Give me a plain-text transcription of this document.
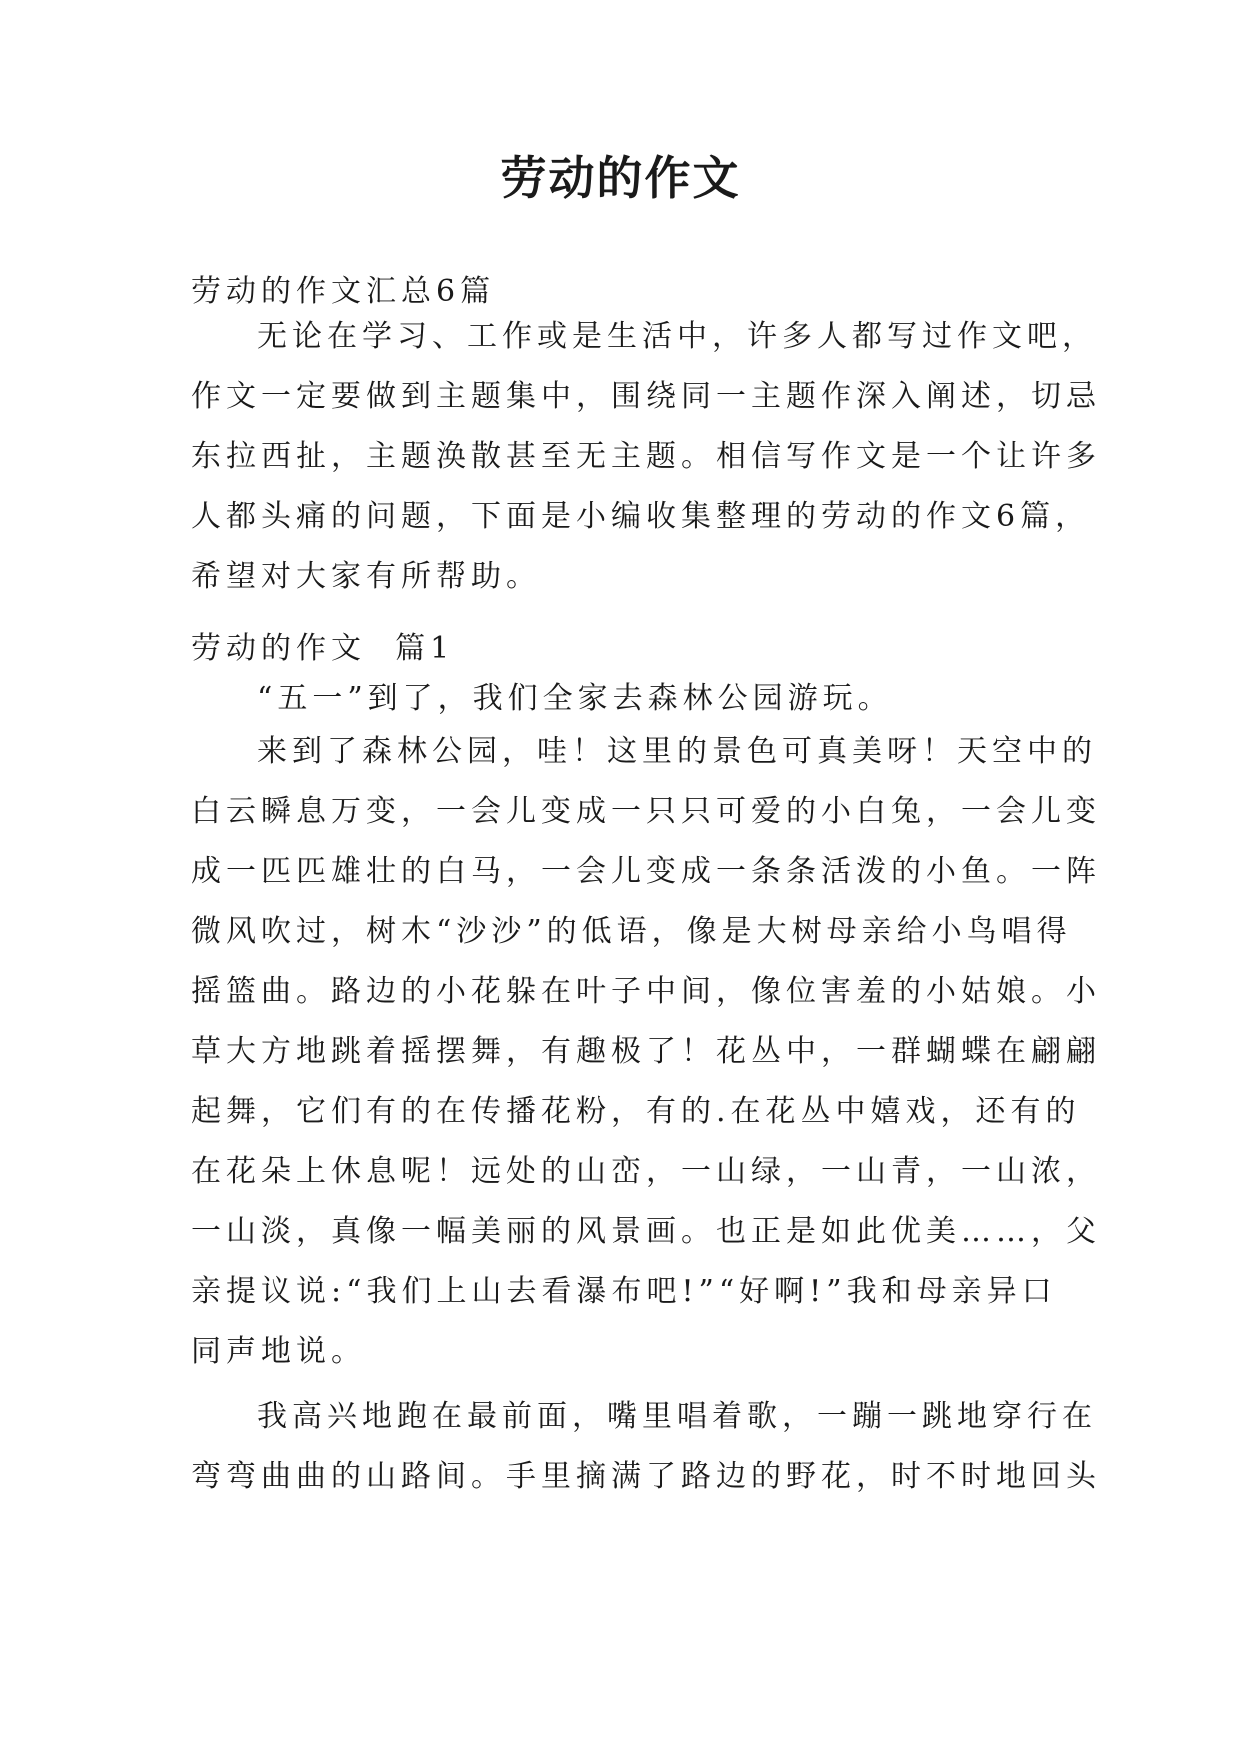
劳动的作文

劳动的作文汇总6篇

无论在学习、工作或是生活中，许多人都写过作文吧，
作文一定要做到主题集中，围绕同一主题作深入阐述，切忌
东拉西扯，主题涣散甚至无主题。相信写作文是一个让许多
人都头痛的问题，下面是小编收集整理的劳动的作文6篇，
希望对大家有所帮助。

劳动的作文  篇1

“五一”到了，我们全家去森林公园游玩。

来到了森林公园，哇！这里的景色可真美呀！天空中的
白云瞬息万变，一会儿变成一只只可爱的小白兔，一会儿变
成一匹匹雄壮的白马，一会儿变成一条条活泼的小鱼。一阵
微风吹过，树木“沙沙”的低语，像是大树母亲给小鸟唱得
摇篮曲。路边的小花躲在叶子中间，像位害羞的小姑娘。小
草大方地跳着摇摆舞，有趣极了！花丛中，一群蝴蝶在翩翩
起舞，它们有的在传播花粉，有的.在花丛中嬉戏，还有的
在花朵上休息呢！远处的山峦，一山绿，一山青，一山浓，
一山淡，真像一幅美丽的风景画。也正是如此优美……，父
亲提议说:“我们上山去看瀑布吧!”“好啊!”我和母亲异口
同声地说。
我高兴地跑在最前面，嘴里唱着歌，一蹦一跳地穿行在
弯弯曲曲的山路间。手里摘满了路边的野花，时不时地回头
